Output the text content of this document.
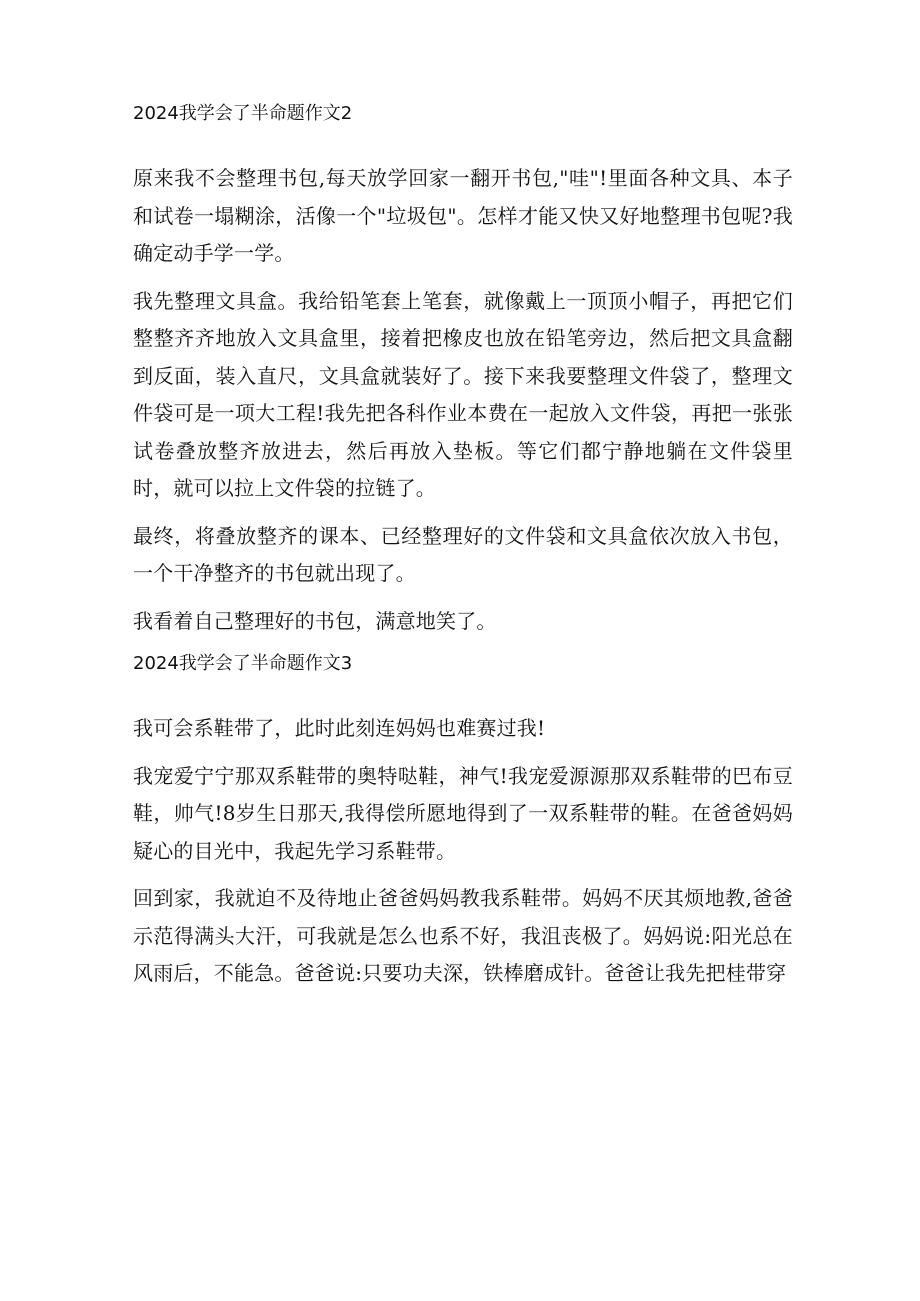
2024我学会了半命题作文2

原来我不会整理书包,每天放学回家一翻开书包,"哇"!里面各种文具、本子和试卷一塌糊涂，活像一个"垃圾包"。怎样才能又快又好地整理书包呢?我确定动手学一学。

我先整理文具盒。我给铅笔套上笔套，就像戴上一顶顶小帽子，再把它们整整齐齐地放入文具盒里，接着把橡皮也放在铅笔旁边，然后把文具盒翻到反面，装入直尺，文具盒就装好了。接下来我要整理文件袋了，整理文件袋可是一项大工程!我先把各科作业本费在一起放入文件袋，再把一张张试卷叠放整齐放进去，然后再放入垫板。等它们都宁静地躺在文件袋里时，就可以拉上文件袋的拉链了。

最终，将叠放整齐的课本、已经整理好的文件袋和文具盒依次放入书包，一个干净整齐的书包就出现了。

我看着自己整理好的书包，满意地笑了。

2024我学会了半命题作文3

我可会系鞋带了，此时此刻连妈妈也难赛过我!

我宠爱宁宁那双系鞋带的奥特哒鞋，神气!我宠爱源源那双系鞋带的巴布豆鞋，帅气!8岁生日那天,我得偿所愿地得到了一双系鞋带的鞋。在爸爸妈妈疑心的目光中，我起先学习系鞋带。

回到家，我就迫不及待地止爸爸妈妈教我系鞋带。妈妈不厌其烦地教,爸爸示范得满头大汗，可我就是怎么也系不好，我沮丧极了。妈妈说:阳光总在风雨后，不能急。爸爸说:只要功夫深，铁棒磨成针。爸爸让我先把桂带穿
